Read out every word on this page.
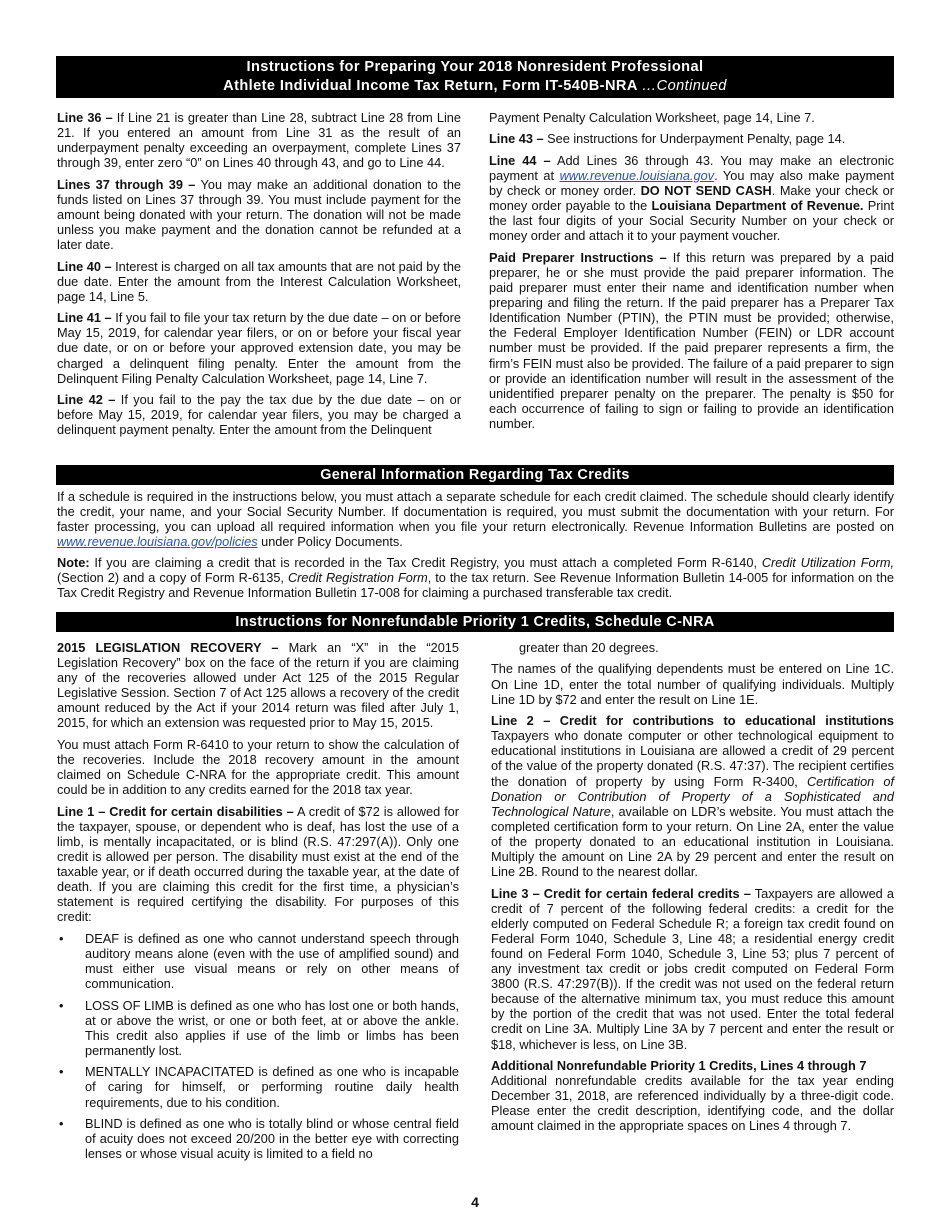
Instructions for Preparing Your 2018 Nonresident Professional
Athlete Individual Income Tax Return, Form IT-540B-NRA …Continued

Line 36 – If Line 21 is greater than Line 28, subtract Line 28 from Line 21. If you entered an amount from Line 31 as the result of an underpayment penalty exceeding an overpayment, complete Lines 37 through 39, enter zero “0” on Lines 40 through 43, and go to Line 44.

Lines 37 through 39 – You may make an additional donation to the funds listed on Lines 37 through 39. You must include payment for the amount being donated with your return. The donation will not be made unless you make payment and the donation cannot be refunded at a later date.

Line 40 – Interest is charged on all tax amounts that are not paid by the due date. Enter the amount from the Interest Calculation Worksheet, page 14, Line 5.

Line 41 – If you fail to file your tax return by the due date – on or before May 15, 2019, for calendar year filers, or on or before your fiscal year due date, or on or before your approved extension date, you may be charged a delinquent filing penalty. Enter the amount from the Delinquent Filing Penalty Calculation Worksheet, page 14, Line 7.

Line 42 – If you fail to the pay the tax due by the due date – on or before May 15, 2019, for calendar year filers, you may be charged a delinquent payment penalty. Enter the amount from the Delinquent

Payment Penalty Calculation Worksheet, page 14, Line 7.

Line 43 – See instructions for Underpayment Penalty, page 14.

Line 44 – Add Lines 36 through 43. You may make an electronic payment at www.revenue.louisiana.gov. You may also make payment by check or money order. DO NOT SEND CASH. Make your check or money order payable to the Louisiana Department of Revenue. Print the last four digits of your Social Security Number on your check or money order and attach it to your payment voucher.

Paid Preparer Instructions – If this return was prepared by a paid preparer, he or she must provide the paid preparer information. The paid preparer must enter their name and identification number when preparing and filing the return. If the paid preparer has a Preparer Tax Identification Number (PTIN), the PTIN must be provided; otherwise, the Federal Employer Identification Number (FEIN) or LDR account number must be provided. If the paid preparer represents a firm, the firm’s FEIN must also be provided. The failure of a paid preparer to sign or provide an identification number will result in the assessment of the unidentified preparer penalty on the preparer. The penalty is $50 for each occurrence of failing to sign or failing to provide an identification number.

General Information Regarding Tax Credits

If a schedule is required in the instructions below, you must attach a separate schedule for each credit claimed. The schedule should clearly identify the credit, your name, and your Social Security Number. If documentation is required, you must submit the documentation with your return. For faster processing, you can upload all required information when you file your return electronically. Revenue Information Bulletins are posted on www.revenue.louisiana.gov/policies under Policy Documents.

Note: If you are claiming a credit that is recorded in the Tax Credit Registry, you must attach a completed Form R-6140, Credit Utilization Form, (Section 2) and a copy of Form R-6135, Credit Registration Form, to the tax return. See Revenue Information Bulletin 14-005 for information on the Tax Credit Registry and Revenue Information Bulletin 17-008 for claiming a purchased transferable tax credit.

Instructions for Nonrefundable Priority 1 Credits, Schedule C-NRA

2015 LEGISLATION RECOVERY – Mark an “X” in the “2015 Legislation Recovery” box on the face of the return if you are claiming any of the recoveries allowed under Act 125 of the 2015 Regular Legislative Session. Section 7 of Act 125 allows a recovery of the credit amount reduced by the Act if your 2014 return was filed after July 1, 2015, for which an extension was requested prior to May 15, 2015.

You must attach Form R-6410 to your return to show the calculation of the recoveries. Include the 2018 recovery amount in the amount claimed on Schedule C-NRA for the appropriate credit. This amount could be in addition to any credits earned for the 2018 tax year.

Line 1 – Credit for certain disabilities – A credit of $72 is allowed for the taxpayer, spouse, or dependent who is deaf, has lost the use of a limb, is mentally incapacitated, or is blind (R.S. 47:297(A)). Only one credit is allowed per person. The disability must exist at the end of the taxable year, or if death occurred during the taxable year, at the date of death. If you are claiming this credit for the first time, a physician’s statement is required certifying the disability. For purposes of this credit:

• DEAF is defined as one who cannot understand speech through auditory means alone (even with the use of amplified sound) and must either use visual means or rely on other means of communication.
• LOSS OF LIMB is defined as one who has lost one or both hands, at or above the wrist, or one or both feet, at or above the ankle. This credit also applies if use of the limb or limbs has been permanently lost.
• MENTALLY INCAPACITATED is defined as one who is incapable of caring for himself, or performing routine daily health requirements, due to his condition.
• BLIND is defined as one who is totally blind or whose central field of acuity does not exceed 20/200 in the better eye with correcting lenses or whose visual acuity is limited to a field no

greater than 20 degrees.

The names of the qualifying dependents must be entered on Line 1C. On Line 1D, enter the total number of qualifying individuals. Multiply Line 1D by $72 and enter the result on Line 1E.

Line 2 – Credit for contributions to educational institutions Taxpayers who donate computer or other technological equipment to educational institutions in Louisiana are allowed a credit of 29 percent of the value of the property donated (R.S. 47:37). The recipient certifies the donation of property by using Form R-3400, Certification of Donation or Contribution of Property of a Sophisticated and Technological Nature, available on LDR’s website. You must attach the completed certification form to your return. On Line 2A, enter the value of the property donated to an educational institution in Louisiana. Multiply the amount on Line 2A by 29 percent and enter the result on Line 2B. Round to the nearest dollar.

Line 3 – Credit for certain federal credits – Taxpayers are allowed a credit of 7 percent of the following federal credits: a credit for the elderly computed on Federal Schedule R; a foreign tax credit found on Federal Form 1040, Schedule 3, Line 48; a residential energy credit found on Federal Form 1040, Schedule 3, Line 53; plus 7 percent of any investment tax credit or jobs credit computed on Federal Form 3800 (R.S. 47:297(B)). If the credit was not used on the federal return because of the alternative minimum tax, you must reduce this amount by the portion of the credit that was not used. Enter the total federal credit on Line 3A. Multiply Line 3A by 7 percent and enter the result or $18, whichever is less, on Line 3B.

Additional Nonrefundable Priority 1 Credits, Lines 4 through 7

Additional nonrefundable credits available for the tax year ending December 31, 2018, are referenced individually by a three-digit code. Please enter the credit description, identifying code, and the dollar amount claimed in the appropriate spaces on Lines 4 through 7.

4
